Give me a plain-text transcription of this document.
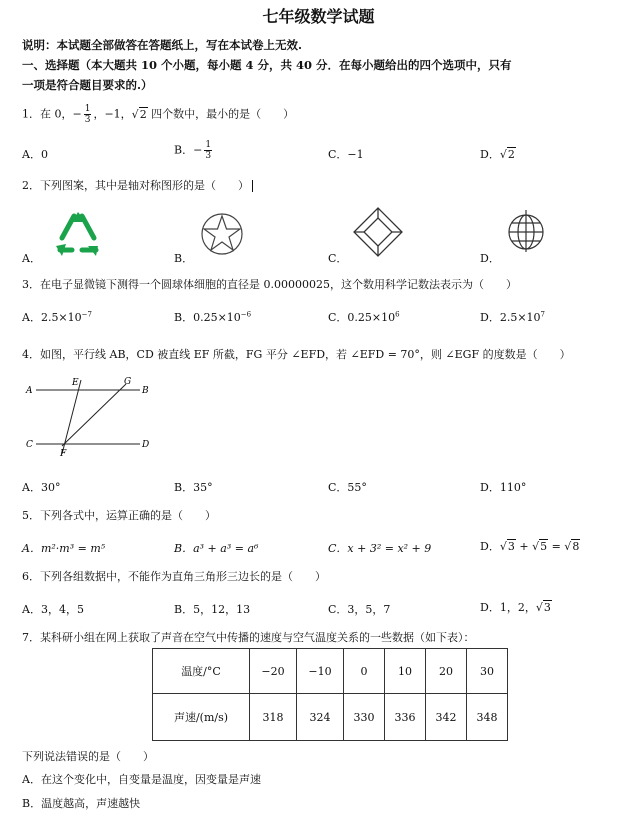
七年级数学试题
说明：本试题全部做答在答题纸上，写在本试卷上无效.
一、选择题（本大题共 10 个小题，每小题 4 分，共 40 分．在每小题给出的四个选项中，只有
一项是符合题目要求的.）
1．在 0，− $\frac{1}{3}$ ，−1，√2 四个数中，最小的是（　　）
A．0	B．− $\frac{1}{3}$	C．−1	D．√2
2．下列图案，其中是轴对称图形的是（　　）
A．	B．	C．	D．
3．在电子显微镜下测得一个圆球体细胞的直径是 0.00000025，这个数用科学记数法表示为（　　）
A．$2.5\times 10^{-7}$	B．$0.25\times 10^{-6}$	C．$0.25\times 10^6$	D．$2.5\times 10^7$
4．如图，平行线 AB，CD 被直线 EF 所截，FG 平分 ∠EFD，若 ∠EFD = 70°，则 ∠EGF 的度数是（　　）
A	B
C	D
E
F
G
A．30°	B．35°	C．55°	D．110°
5．下列各式中，运算正确的是（　　）
A．m²·m³ = m⁵	B．a³ + a³ = a⁶	C．x + 3² = x² + 9	D．√3 + √5 = √8
6．下列各组数据中，不能作为直角三角形三边长的是（　　）
A．3，4，5	B．5，12，13	C．3，5，7	D．1，2，√3
7．某科研小组在网上获取了声音在空气中传播的速度与空气温度关系的一些数据（如下表）：
温度/°C	−20	−10	0	10	20	30
声速/(m/s)	318	324	330	336	342	348
下列说法错误的是（　　）
A．在这个变化中，自变量是温度，因变量是声速
B．温度越高，声速越快
